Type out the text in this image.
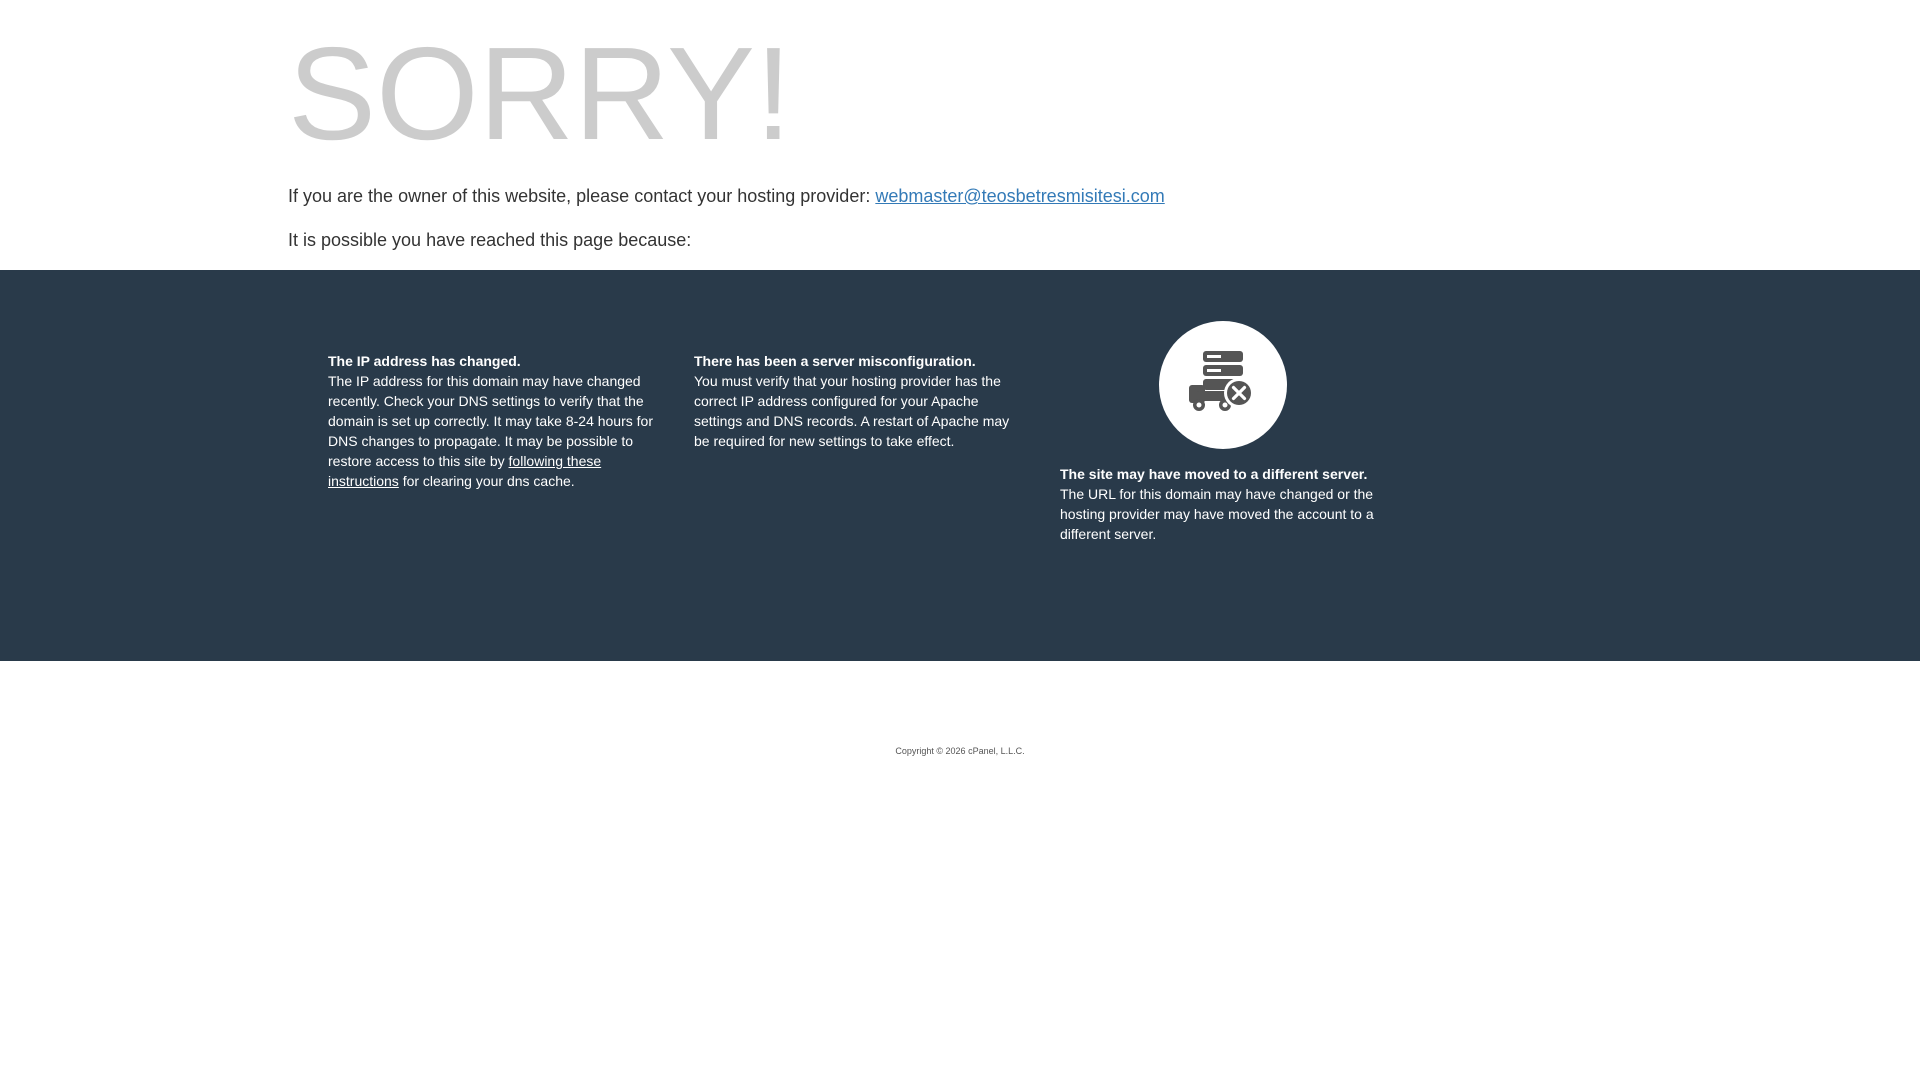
SORRY!

If you are the owner of this website, please contact your hosting provider: webmaster@teosbetresmisitesi.com

It is possible you have reached this page because:

The IP address has changed.

The IP address for this domain may have changed recently. Check your DNS settings to verify that the domain is set up correctly. It may take 8-24 hours for DNS changes to propagate. It may be possible to restore access to this site by following these instructions for clearing your dns cache.

There has been a server misconfiguration.

You must verify that your hosting provider has the correct IP address configured for your Apache settings and DNS records. A restart of Apache may be required for new settings to take effect.

The site may have moved to a different server.

The URL for this domain may have changed or the hosting provider may have moved the account to a different server.

Copyright © 2026 cPanel, L.L.C.
